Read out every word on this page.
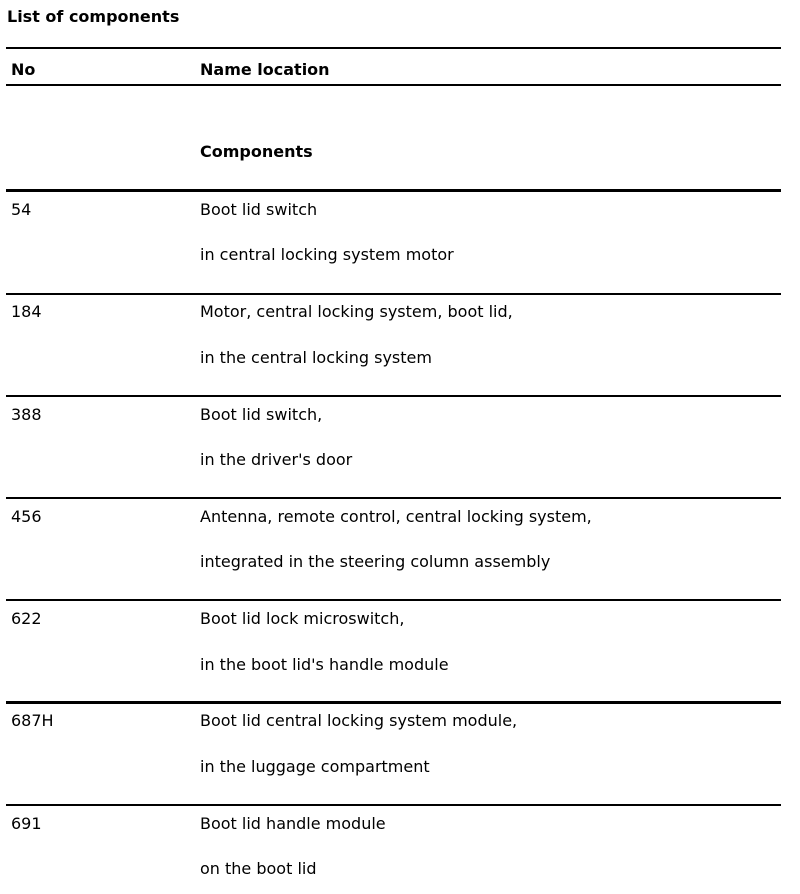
List of components
No	Name location
Components
54	Boot lid switch
in central locking system motor
184	Motor, central locking system, boot lid,
in the central locking system
388	Boot lid switch,
in the driver's door
456	Antenna, remote control, central locking system,
integrated in the steering column assembly
622	Boot lid lock microswitch,
in the boot lid's handle module
687H	Boot lid central locking system module,
in the luggage compartment
691	Boot lid handle module
on the boot lid
